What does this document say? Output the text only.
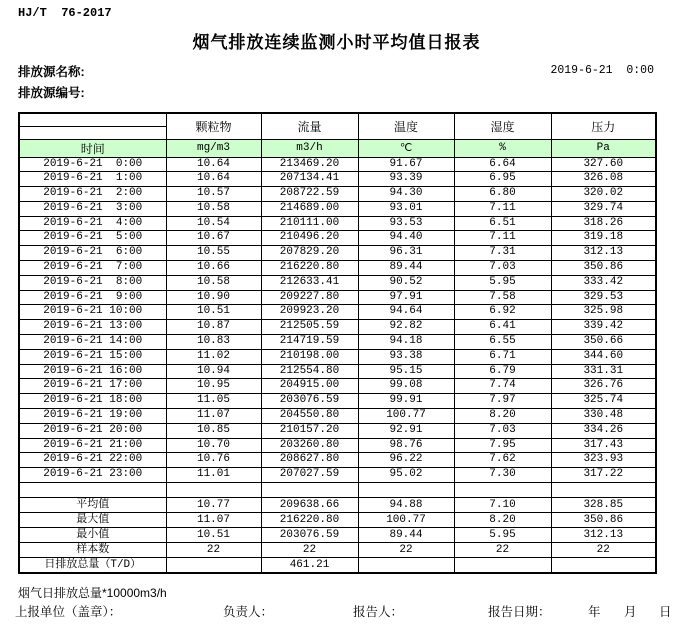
HJ/T  76-2017
烟气排放连续监测小时平均值日报表
排放源名称:
排放源编号:
2019-6-21  0:00
	颗粒物	流量	温度	湿度	压力

时间	mg/m3	m3/h	℃	%	Pa
2019-6-21  0:00	10.64	213469.20	91.67	6.64	327.60
2019-6-21  1:00	10.64	207134.41	93.39	6.95	326.08
2019-6-21  2:00	10.57	208722.59	94.30	6.80	320.02
2019-6-21  3:00	10.58	214689.00	93.01	7.11	329.74
2019-6-21  4:00	10.54	210111.00	93.53	6.51	318.26
2019-6-21  5:00	10.67	210496.20	94.40	7.11	319.18
2019-6-21  6:00	10.55	207829.20	96.31	7.31	312.13
2019-6-21  7:00	10.66	216220.80	89.44	7.03	350.86
2019-6-21  8:00	10.58	212633.41	90.52	5.95	333.42
2019-6-21  9:00	10.90	209227.80	97.91	7.58	329.53
2019-6-21 10:00	10.51	209923.20	94.64	6.92	325.98
2019-6-21 13:00	10.87	212505.59	92.82	6.41	339.42
2019-6-21 14:00	10.83	214719.59	94.18	6.55	350.66
2019-6-21 15:00	11.02	210198.00	93.38	6.71	344.60
2019-6-21 16:00	10.94	212554.80	95.15	6.79	331.31
2019-6-21 17:00	10.95	204915.00	99.08	7.74	326.76
2019-6-21 18:00	11.05	203076.59	99.91	7.97	325.74
2019-6-21 19:00	11.07	204550.80	100.77	8.20	330.48
2019-6-21 20:00	10.85	210157.20	92.91	7.03	334.26
2019-6-21 21:00	10.70	203260.80	98.76	7.95	317.43
2019-6-21 22:00	10.76	208627.80	96.22	7.62	323.93
2019-6-21 23:00	11.01	207027.59	95.02	7.30	317.22

平均值	10.77	209638.66	94.88	7.10	328.85
最大值	11.07	216220.80	100.77	8.20	350.86
最小值	10.51	203076.59	89.44	5.95	312.13
样本数	22	22	22	22	22
日排放总量（T/D）		461.21			
烟气日排放总量*10000m3/h
上报单位（盖章）：	负责人：	报告人：	报告日期：	年 月 日
